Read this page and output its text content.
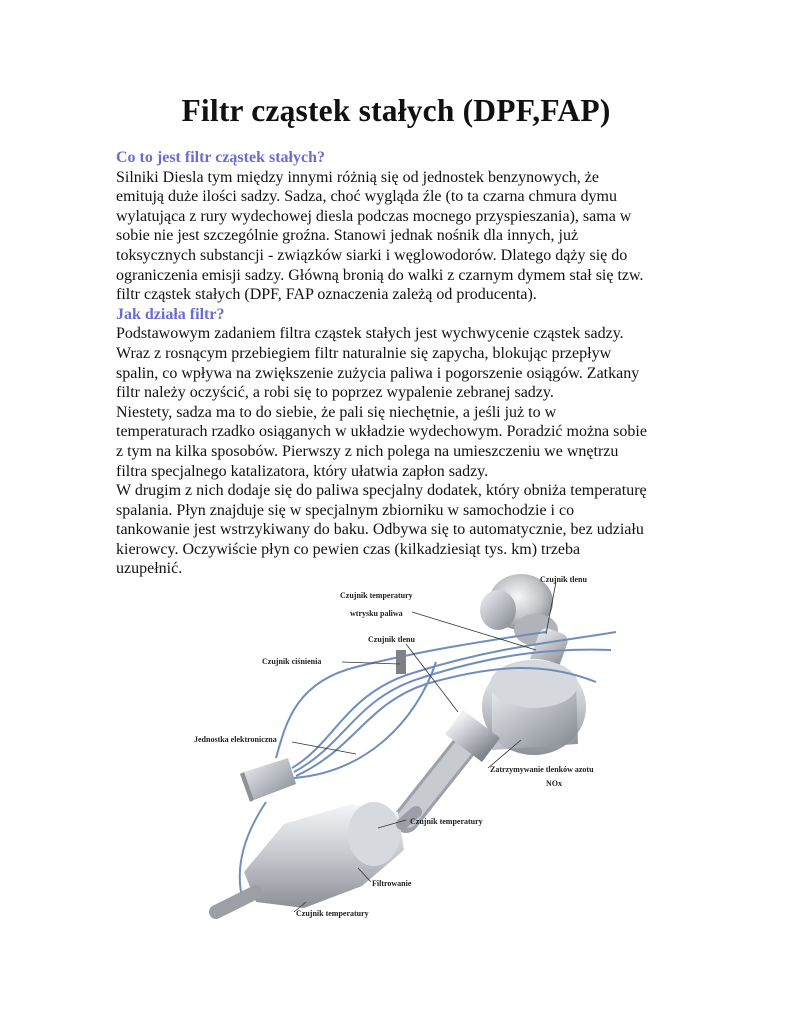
Filtr cząstek stałych (DPF,FAP)
Co to jest filtr cząstek stałych?
Silniki Diesla tym między innymi różnią się od jednostek benzynowych, że
emitują duże ilości sadzy. Sadza, choć wygląda źle (to ta czarna chmura dymu
wylatująca z rury wydechowej diesla podczas mocnego przyspieszania), sama w
sobie nie jest szczególnie groźna. Stanowi jednak nośnik dla innych, już
toksycznych substancji - związków siarki i węglowodorów. Dlatego dąży się do
ograniczenia emisji sadzy. Główną bronią do walki z czarnym dymem stał się tzw.
filtr cząstek stałych (DPF, FAP oznaczenia zależą od producenta).
Jak działa filtr?
Podstawowym zadaniem filtra cząstek stałych jest wychwycenie cząstek sadzy.
Wraz z rosnącym przebiegiem filtr naturalnie się zapycha, blokując przepływ
spalin, co wpływa na zwiększenie zużycia paliwa i pogorszenie osiągów. Zatkany
filtr należy oczyścić, a robi się to poprzez wypalenie zebranej sadzy.
Niestety, sadza ma to do siebie, że pali się niechętnie, a jeśli już to w
temperaturach rzadko osiąganych w układzie wydechowym. Poradzić można sobie
z tym na kilka sposobów. Pierwszy z nich polega na umieszczeniu we wnętrzu
filtra specjalnego katalizatora, który ułatwia zapłon sadzy.
W drugim z nich dodaje się do paliwa specjalny dodatek, który obniża temperaturę
spalania. Płyn znajduje się w specjalnym zbiorniku w samochodzie i co
tankowanie jest wstrzykiwany do baku. Odbywa się to automatycznie, bez udziału
kierowcy. Oczywiście płyn co pewien czas (kilkadziesiąt tys. km) trzeba
uzupełnić.
Czujnik tlenu
Czujnik temperatury
wtrysku paliwa
Czujnik tlenu
Czujnik ciśnienia
Jednostka elektroniczna
Zatrzymywanie tlenków azotu
NOx
Czujnik temperatury
Filtrowanie
Czujnik temperatury
